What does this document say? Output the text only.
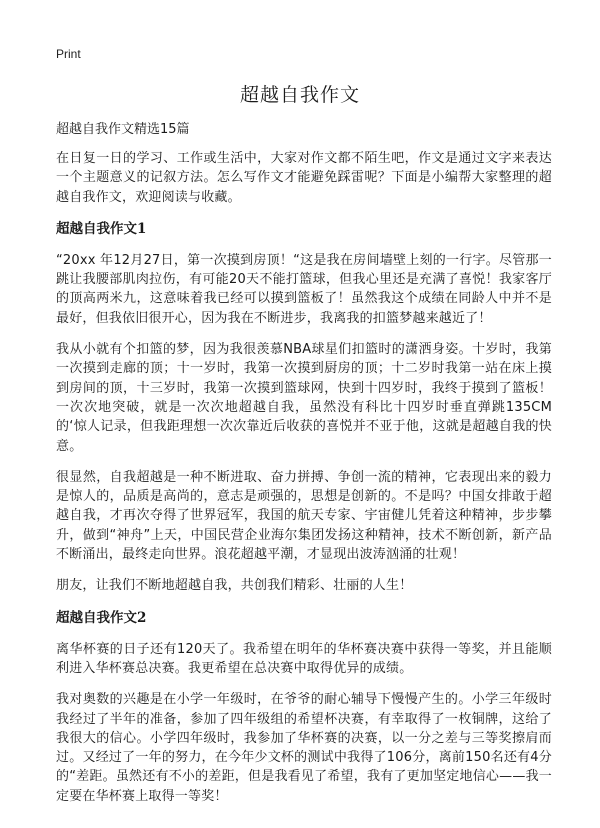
Print
超越自我作文

超越自我作文精选15篇

在日复一日的学习、工作或生活中，大家对作文都不陌生吧，作文是通过文字来表达一个主题意义的记叙方法。怎么写作文才能避免踩雷呢？下面是小编帮大家整理的超越自我作文，欢迎阅读与收藏。

超越自我作文1

“20xx 年12月27日，第一次摸到房顶！“这是我在房间墙壁上刻的一行字。尽管那一跳让我腰部肌肉拉伤，有可能20天不能打篮球，但我心里还是充满了喜悦！我家客厅的顶高两米九，这意味着我已经可以摸到篮板了！虽然我这个成绩在同龄人中并不是最好，但我依旧很开心，因为我在不断进步，我离我的扣篮梦越来越近了！

我从小就有个扣篮的梦，因为我很羡慕NBA球星们扣篮时的潇洒身姿。十岁时，我第一次摸到走廊的顶；十一岁时，我第一次摸到厨房的顶；十二岁时我第一站在床上摸到房间的顶，十三岁时，我第一次摸到篮球网，快到十四岁时，我终于摸到了篮板！一次次地突破，就是一次次地超越自我，虽然没有科比十四岁时垂直弹跳135CM的‘惊人记录，但我距理想一次次靠近后收获的喜悦并不亚于他，这就是超越自我的快意。

很显然，自我超越是一种不断进取、奋力拼搏、争创一流的精神，它表现出来的毅力是惊人的，品质是高尚的，意志是顽强的，思想是创新的。不是吗？中国女排敢于超越自我，才再次夺得了世界冠军，我国的航天专家、宇宙健儿凭着这种精神，步步攀升，做到“神舟”上天，中国民营企业海尔集团发扬这种精神，技术不断创新，新产品不断涌出，最终走向世界。浪花超越平潮，才显现出波涛汹涌的壮观！

朋友，让我们不断地超越自我，共创我们精彩、壮丽的人生！

超越自我作文2

离华杯赛的日子还有120天了。我希望在明年的华杯赛决赛中获得一等奖，并且能顺利进入华杯赛总决赛。我更希望在总决赛中取得优异的成绩。

我对奥数的兴趣是在小学一年级时，在爷爷的耐心辅导下慢慢产生的。小学三年级时我经过了半年的准备，参加了四年级组的希望杯决赛，有幸取得了一枚铜牌，这给了我很大的信心。小学四年级时，我参加了华杯赛的决赛，以一分之差与三等奖擦肩而过。又经过了一年的努力，在今年少文杯的测试中我得了106分，离前150名还有4分的“差距。虽然还有不小的差距，但是我看见了希望，我有了更加坚定地信心——我一定要在华杯赛上取得一等奖！
